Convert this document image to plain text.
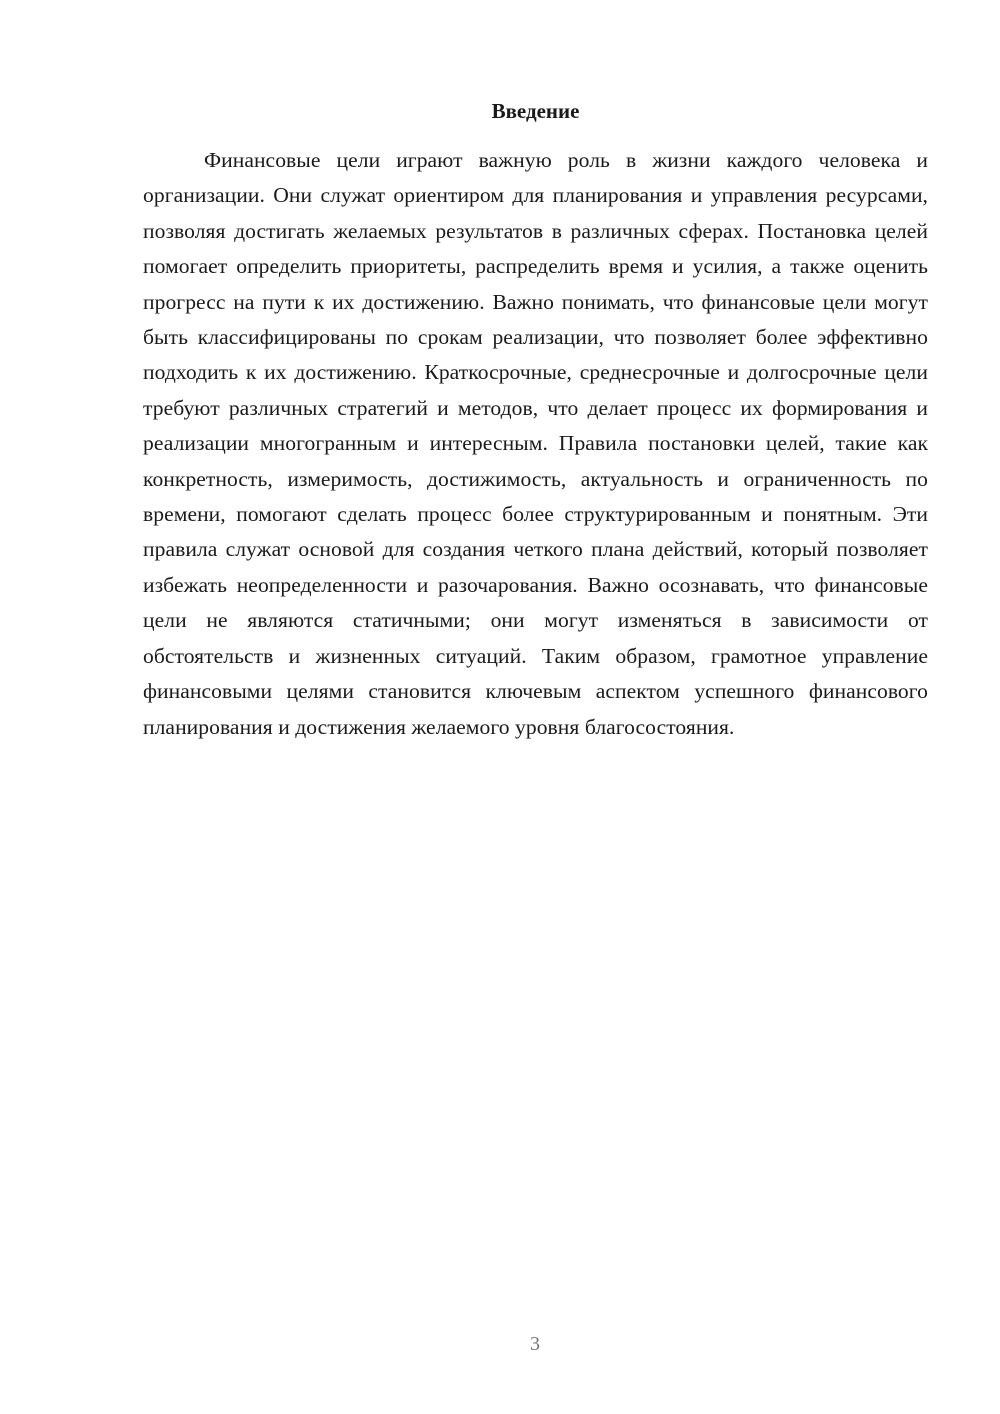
Введение

Финансовые цели играют важную роль в жизни каждого человека и организации. Они служат ориентиром для планирования и управления ресурсами, позволяя достигать желаемых результатов в различных сферах. Постановка целей помогает определить приоритеты, распределить время и усилия, а также оценить прогресс на пути к их достижению. Важно понимать, что финансовые цели могут быть классифицированы по срокам реализации, что позволяет более эффективно подходить к их достижению. Краткосрочные, среднесрочные и долгосрочные цели требуют различных стратегий и методов, что делает процесс их формирования и реализации многогранным и интересным. Правила постановки целей, такие как конкретность, измеримость, достижимость, актуальность и ограниченность по времени, помогают сделать процесс более структурированным и понятным. Эти правила служат основой для создания четкого плана действий, который позволяет избежать неопределенности и разочарования. Важно осознавать, что финансовые цели не являются статичными; они могут изменяться в зависимости от обстоятельств и жизненных ситуаций. Таким образом, грамотное управление финансовыми целями становится ключевым аспектом успешного финансового планирования и достижения желаемого уровня благосостояния.

3
